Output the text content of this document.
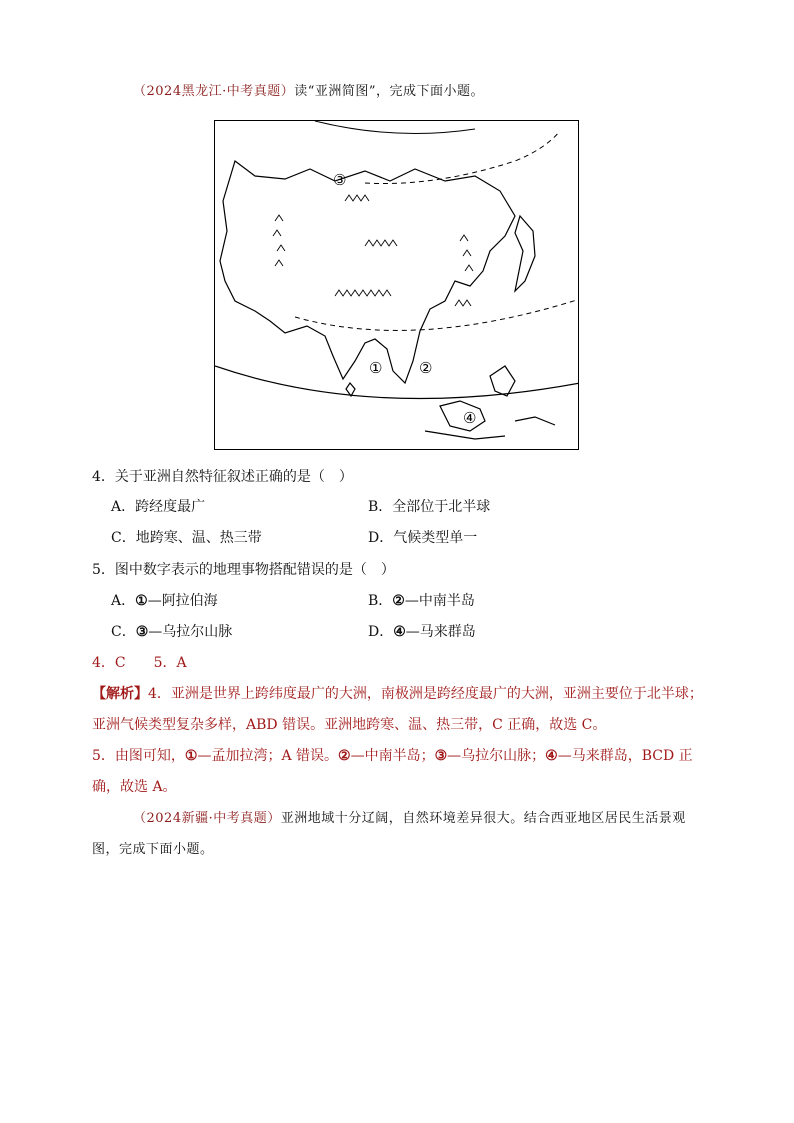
（2024黑龙江·中考真题）读“亚洲简图”，完成下面小题。
③
① ②
④
4．关于亚洲自然特征叙述正确的是（　）
A．跨经度最广	B．全部位于北半球
C．地跨寒、温、热三带	D．气候类型单一
5．图中数字表示的地理事物搭配错误的是（　）
A．①—阿拉伯海	B．②—中南半岛
C．③—乌拉尔山脉	D．④—马来群岛
4．C　　5．A
【解析】4．亚洲是世界上跨纬度最广的大洲，南极洲是跨经度最广的大洲，亚洲主要位于北半球；
亚洲气候类型复杂多样，ABD 错误。亚洲地跨寒、温、热三带，C 正确，故选 C。
5．由图可知，①—孟加拉湾；A 错误。②—中南半岛；③—乌拉尔山脉；④—马来群岛，BCD 正
确，故选 A。
（2024新疆·中考真题）亚洲地域十分辽阔，自然环境差异很大。结合西亚地区居民生活景观
图，完成下面小题。
